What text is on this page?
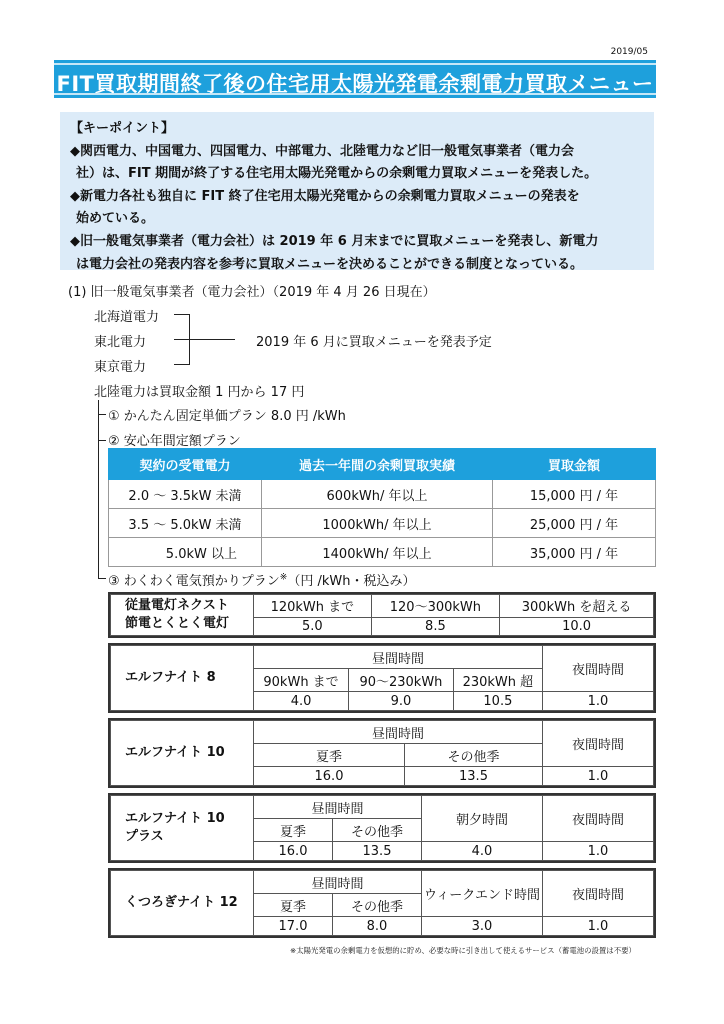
2019/05
FIT買取期間終了後の住宅用太陽光発電余剰電力買取メニュー
【キーポイント】
◆関西電力、中国電力、四国電力、中部電力、北陸電力など旧一般電気事業者（電力会
社）は、FIT 期間が終了する住宅用太陽光発電からの余剰電力買取メニューを発表した。
◆新電力各社も独自に FIT 終了住宅用太陽光発電からの余剰電力買取メニューの発表を
始めている。
◆旧一般電気事業者（電力会社）は 2019 年 6 月末までに買取メニューを発表し、新電力
は電力会社の発表内容を参考に買取メニューを決めることができる制度となっている。
(1) 旧一般電気事業者（電力会社）（2019 年 4 月 26 日現在）
北海道電力
東北電力
東京電力
2019 年 6 月に買取メニューを発表予定
北陸電力は買取金額 1 円から 17 円
① かんたん固定単価プラン 8.0 円 /kWh
② 安心年間定額プラン
契約の受電電力	過去一年間の余剰買取実績	買取金額
2.0 ～ 3.5kW 未満	600kWh/ 年以上	15,000 円 / 年
3.5 ～ 5.0kW 未満	1000kWh/ 年以上	25,000 円 / 年
5.0kW 以上	1400kWh/ 年以上	35,000 円 / 年
③ わくわく電気預かりプラン※（円 /kWh・税込み）
従量電灯ネクスト
節電とくとく電灯	120kWh まで	120～300kWh	300kWh を超える
	5.0	8.5	10.0
エルフナイト 8	昼間時間			夜間時間
	90kWh まで	90～230kWh	230kWh 超	
	4.0	9.0	10.5	1.0
エルフナイト 10	昼間時間		夜間時間
	夏季	その他季	
	16.0	13.5	1.0
エルフナイト 10
プラス	昼間時間		朝夕時間	夜間時間
	夏季	その他季		
	16.0	13.5	4.0	1.0
くつろぎナイト 12	昼間時間		ウィークエンド時間	夜間時間
	夏季	その他季		
	17.0	8.0	3.0	1.0
※太陽光発電の余剰電力を仮想的に貯め、必要な時に引き出して使えるサービス（蓄電池の設置は不要）
